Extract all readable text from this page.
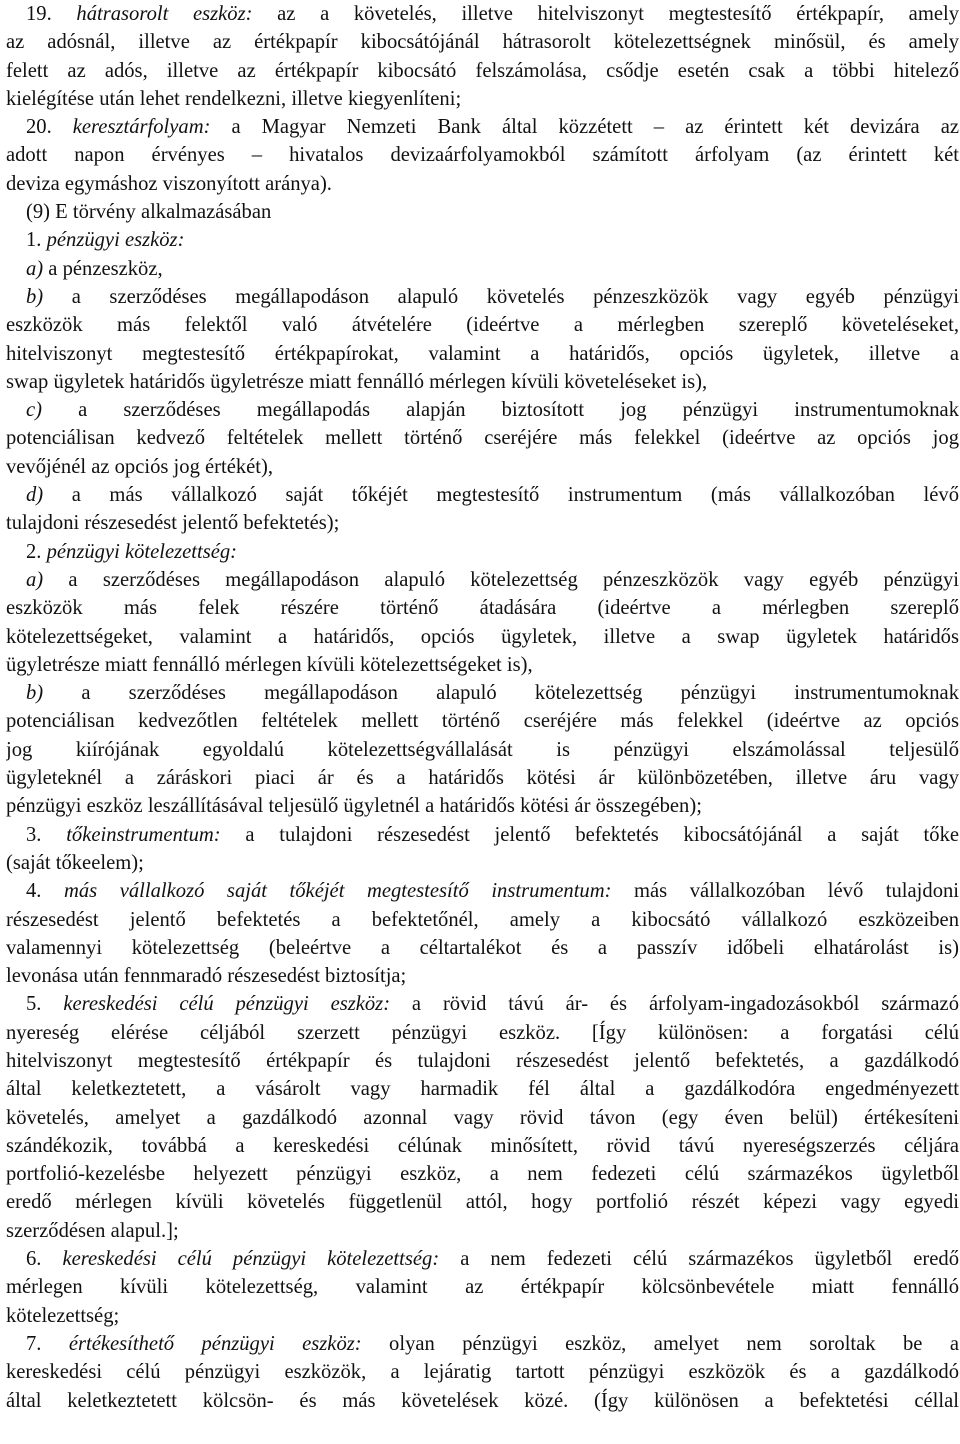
19. hátrasorolt eszköz: az a követelés, illetve hitelviszonyt megtestesítő értékpapír, amely
az adósnál, illetve az értékpapír kibocsátójánál hátrasorolt kötelezettségnek minősül, és amely
felett az adós, illetve az értékpapír kibocsátó felszámolása, csődje esetén csak a többi hitelező
kielégítése után lehet rendelkezni, illetve kiegyenlíteni;
20. keresztárfolyam: a Magyar Nemzeti Bank által közzétett – az érintett két devizára az
adott napon érvényes – hivatalos devizaárfolyamokból számított árfolyam (az érintett két
deviza egymáshoz viszonyított aránya).
(9) E törvény alkalmazásában
1. pénzügyi eszköz:
a) a pénzeszköz,
b) a szerződéses megállapodáson alapuló követelés pénzeszközök vagy egyéb pénzügyi
eszközök más felektől való átvételére (ideértve a mérlegben szereplő követeléseket,
hitelviszonyt megtestesítő értékpapírokat, valamint a határidős, opciós ügyletek, illetve a
swap ügyletek határidős ügyletrésze miatt fennálló mérlegen kívüli követeléseket is),
c) a szerződéses megállapodás alapján biztosított jog pénzügyi instrumentumoknak
potenciálisan kedvező feltételek mellett történő cseréjére más felekkel (ideértve az opciós jog
vevőjénél az opciós jog értékét),
d) a más vállalkozó saját tőkéjét megtestesítő instrumentum (más vállalkozóban lévő
tulajdoni részesedést jelentő befektetés);
2. pénzügyi kötelezettség:
a) a szerződéses megállapodáson alapuló kötelezettség pénzeszközök vagy egyéb pénzügyi
eszközök más felek részére történő átadására (ideértve a mérlegben szereplő
kötelezettségeket, valamint a határidős, opciós ügyletek, illetve a swap ügyletek határidős
ügyletrésze miatt fennálló mérlegen kívüli kötelezettségeket is),
b) a szerződéses megállapodáson alapuló kötelezettség pénzügyi instrumentumoknak
potenciálisan kedvezőtlen feltételek mellett történő cseréjére más felekkel (ideértve az opciós
jog kiírójának egyoldalú kötelezettségvállalását is pénzügyi elszámolással teljesülő
ügyleteknél a záráskori piaci ár és a határidős kötési ár különbözetében, illetve áru vagy
pénzügyi eszköz leszállításával teljesülő ügyletnél a határidős kötési ár összegében);
3. tőkeinstrumentum: a tulajdoni részesedést jelentő befektetés kibocsátójánál a saját tőke
(saját tőkeelem);
4. más vállalkozó saját tőkéjét megtestesítő instrumentum: más vállalkozóban lévő tulajdoni
részesedést jelentő befektetés a befektetőnél, amely a kibocsátó vállalkozó eszközeiben
valamennyi kötelezettség (beleértve a céltartalékot és a passzív időbeli elhatárolást is)
levonása után fennmaradó részesedést biztosítja;
5. kereskedési célú pénzügyi eszköz: a rövid távú ár- és árfolyam-ingadozásokból származó
nyereség elérése céljából szerzett pénzügyi eszköz. [Így különösen: a forgatási célú
hitelviszonyt megtestesítő értékpapír és tulajdoni részesedést jelentő befektetés, a gazdálkodó
által keletkeztetett, a vásárolt vagy harmadik fél által a gazdálkodóra engedményezett
követelés, amelyet a gazdálkodó azonnal vagy rövid távon (egy éven belül) értékesíteni
szándékozik, továbbá a kereskedési célúnak minősített, rövid távú nyereségszerzés céljára
portfolió-kezelésbe helyezett pénzügyi eszköz, a nem fedezeti célú származékos ügyletből
eredő mérlegen kívüli követelés függetlenül attól, hogy portfolió részét képezi vagy egyedi
szerződésen alapul.];
6. kereskedési célú pénzügyi kötelezettség: a nem fedezeti célú származékos ügyletből eredő
mérlegen kívüli kötelezettség, valamint az értékpapír kölcsönbevétele miatt fennálló
kötelezettség;
7. értékesíthető pénzügyi eszköz: olyan pénzügyi eszköz, amelyet nem soroltak be a
kereskedési célú pénzügyi eszközök, a lejáratig tartott pénzügyi eszközök és a gazdálkodó
által keletkeztetett kölcsön- és más követelések közé. (Így különösen a befektetési céllal
